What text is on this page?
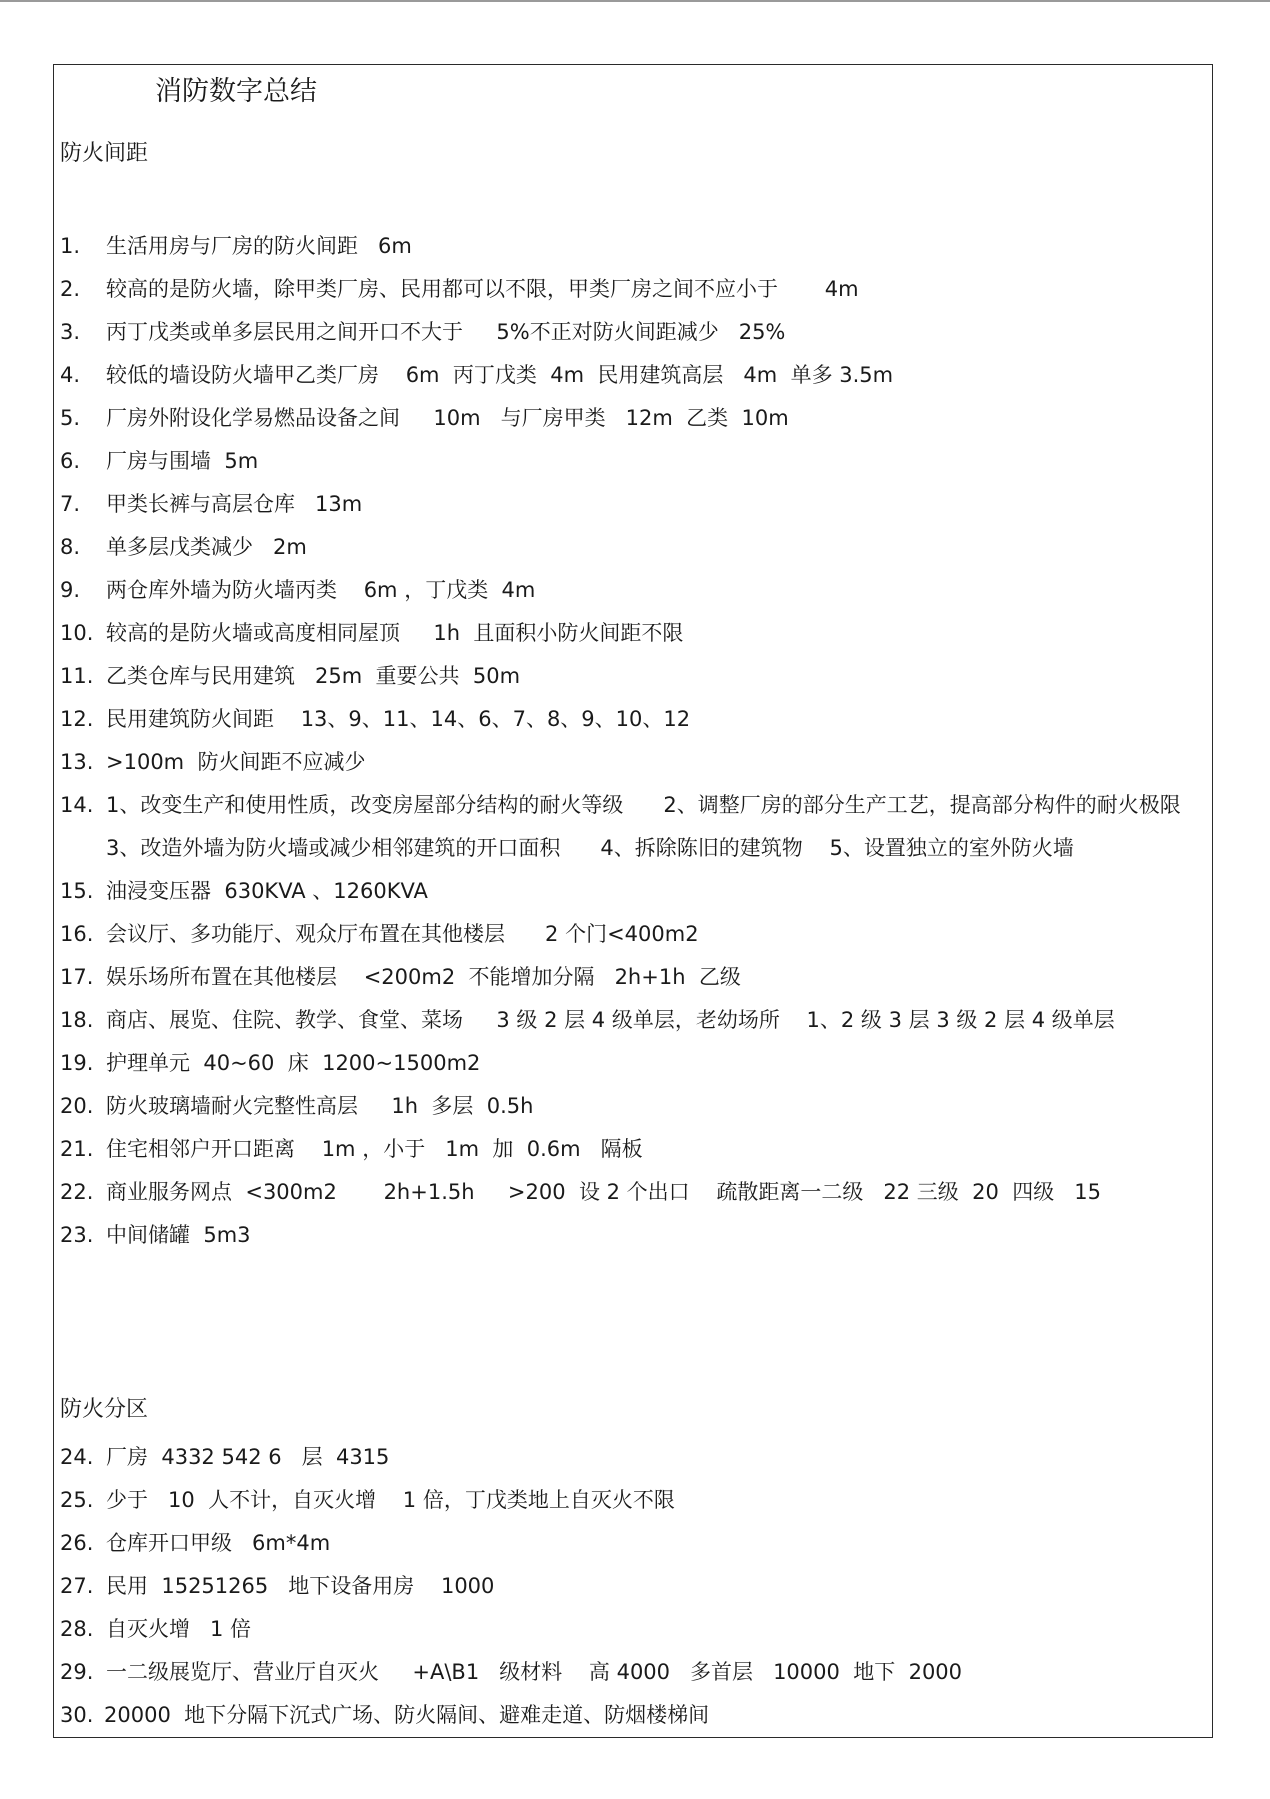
消防数字总结
防火间距
1.	生活用房与厂房的防火间距   6m
2.	较高的是防火墙，除甲类厂房、民用都可以不限，甲类厂房之间不应小于       4m
3.	丙丁戊类或单多层民用之间开口不大于     5%不正对防火间距减少   25%
4.	较低的墙设防火墙甲乙类厂房    6m  丙丁戊类  4m  民用建筑高层   4m  单多 3.5m
5.	厂房外附设化学易燃品设备之间     10m   与厂房甲类   12m  乙类  10m
6.	厂房与围墙  5m
7.	甲类长裤与高层仓库   13m
8.	单多层戊类减少   2m
9.	两仓库外墙为防火墙丙类    6m ，丁戊类  4m
10. 较高的是防火墙或高度相同屋顶     1h  且面积小防火间距不限
11. 乙类仓库与民用建筑   25m  重要公共  50m
12. 民用建筑防火间距    13、9、11、14、6、7、8、9、10、12
13. >100m  防火间距不应减少
14. 1、改变生产和使用性质，改变房屋部分结构的耐火等级      2、调整厂房的部分生产工艺，提高部分构件的耐火极限   3、改造外墙为防火墙或减少相邻建筑的开口面积      4、拆除陈旧的建筑物    5、设置独立的室外防火墙
15. 油浸变压器  630KVA 、1260KVA
16. 会议厅、多功能厅、观众厅布置在其他楼层      2 个门<400m2
17. 娱乐场所布置在其他楼层    <200m2  不能增加分隔   2h+1h  乙级
18. 商店、展览、住院、教学、食堂、菜场     3 级 2 层 4 级单层，老幼场所    1、2 级 3 层 3 级 2 层 4 级单层
19. 护理单元  40~60  床  1200~1500m2
20. 防火玻璃墙耐火完整性高层     1h  多层  0.5h
21. 住宅相邻户开口距离    1m ，小于   1m  加  0.6m   隔板
22. 商业服务网点  <300m2       2h+1.5h     >200  设 2 个出口    疏散距离一二级   22 三级  20  四级   15
23. 中间储罐  5m3
防火分区
24. 厂房  4332 542 6   层  4315
25. 少于   10  人不计，自灭火增    1 倍，丁戊类地上自灭火不限
26. 仓库开口甲级   6m*4m
27. 民用  15251265   地下设备用房    1000
28. 自灭火增   1 倍
29. 一二级展览厅、营业厅自灭火     +A\B1   级材料    高 4000   多首层   10000  地下  2000
30. 20000  地下分隔下沉式广场、防火隔间、避难走道、防烟楼梯间
